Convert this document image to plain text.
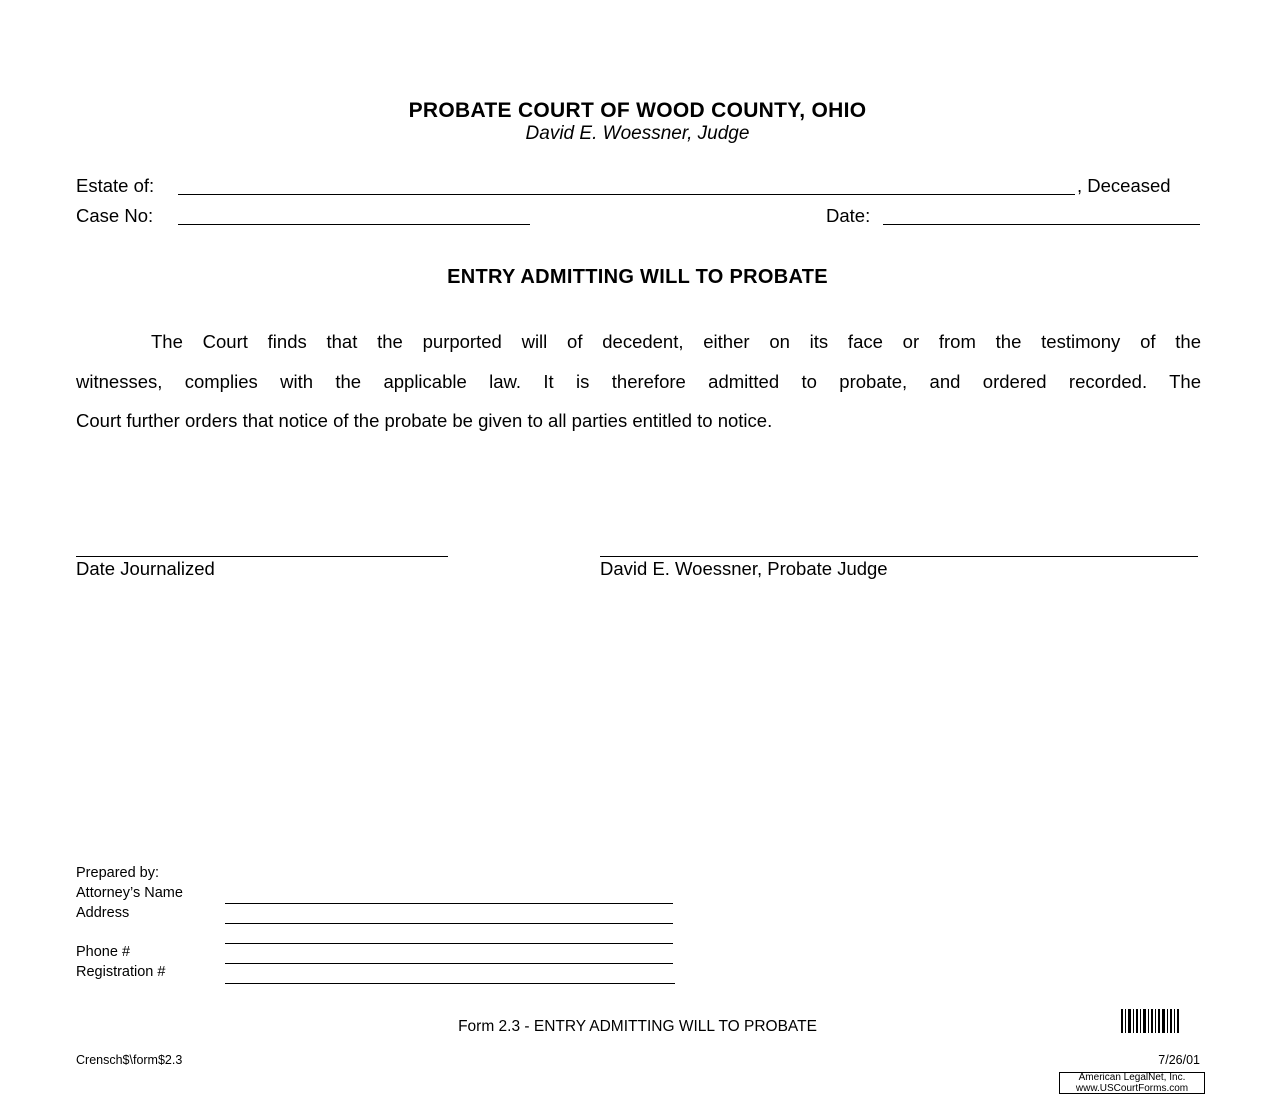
PROBATE COURT OF WOOD COUNTY, OHIO
David E. Woessner, Judge
Estate of:	, Deceased
Case No:	Date:
ENTRY ADMITTING WILL TO PROBATE
The Court finds that the purported will of decedent, either on its face or from the testimony of the
witnesses, complies with the applicable law. It is therefore admitted to probate, and ordered recorded. The
Court further orders that notice of the probate be given to all parties entitled to notice.
Date Journalized	David E. Woessner, Probate Judge
Prepared by:
Attorney’s Name
Address
Phone #
Registration #
Form 2.3 - ENTRY ADMITTING WILL TO PROBATE
Crensch$\form$2.3	7/26/01
American LegalNet, Inc.
www.USCourtForms.com
